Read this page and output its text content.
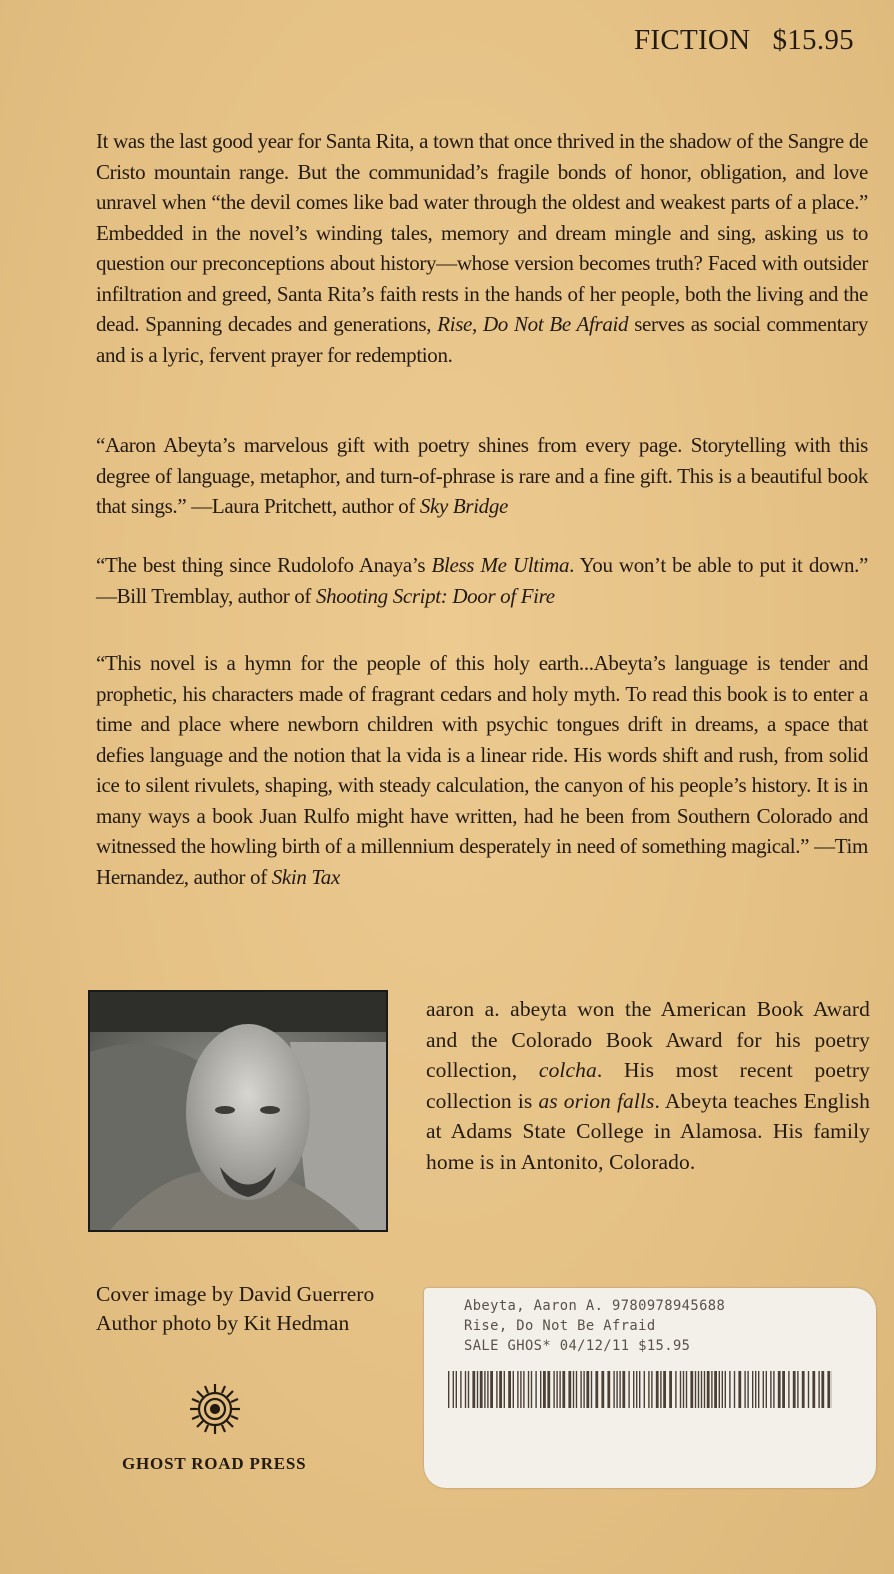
FICTION $15.95
It was the last good year for Santa Rita, a town that once thrived in the shadow of the Sangre de Cristo mountain range. But the communidad’s fragile bonds of honor, obligation, and love unravel when “the devil comes like bad water through the oldest and weakest parts of a place.” Embedded in the novel’s winding tales, memory and dream mingle and sing, asking us to question our preconceptions about history—whose version becomes truth? Faced with outsider infiltration and greed, Santa Rita’s faith rests in the hands of her people, both the living and the dead. Spanning decades and generations, Rise, Do Not Be Afraid serves as social commentary and is a lyric, fervent prayer for redemption.
“Aaron Abeyta’s marvelous gift with poetry shines from every page. Storytelling with this degree of language, metaphor, and turn-of-phrase is rare and a fine gift. This is a beautiful book that sings.” —Laura Pritchett, author of Sky Bridge
“The best thing since Rudolofo Anaya’s Bless Me Ultima. You won’t be able to put it down.” —Bill Tremblay, author of Shooting Script: Door of Fire
“This novel is a hymn for the people of this holy earth...Abeyta’s language is tender and prophetic, his characters made of fragrant cedars and holy myth. To read this book is to enter a time and place where newborn children with psychic tongues drift in dreams, a space that defies language and the notion that la vida is a linear ride. His words shift and rush, from solid ice to silent rivulets, shaping, with steady calculation, the canyon of his people’s history. It is in many ways a book Juan Rulfo might have written, had he been from Southern Colorado and witnessed the howling birth of a millennium desperately in need of something magical.” —Tim Hernandez, author of Skin Tax
aaron a. abeyta won the American Book Award and the Colorado Book Award for his poetry collection, colcha. His most recent poetry collection is as orion falls. Abeyta teaches English at Adams State College in Alamosa. His family home is in Antonito, Colorado.
Cover image by David Guerrero
Author photo by Kit Hedman
GHOST ROAD PRESS
Abeyta, Aaron A. 9780978945688
Rise, Do Not Be Afraid
SALE GHOS* 04/12/11 $15.95
